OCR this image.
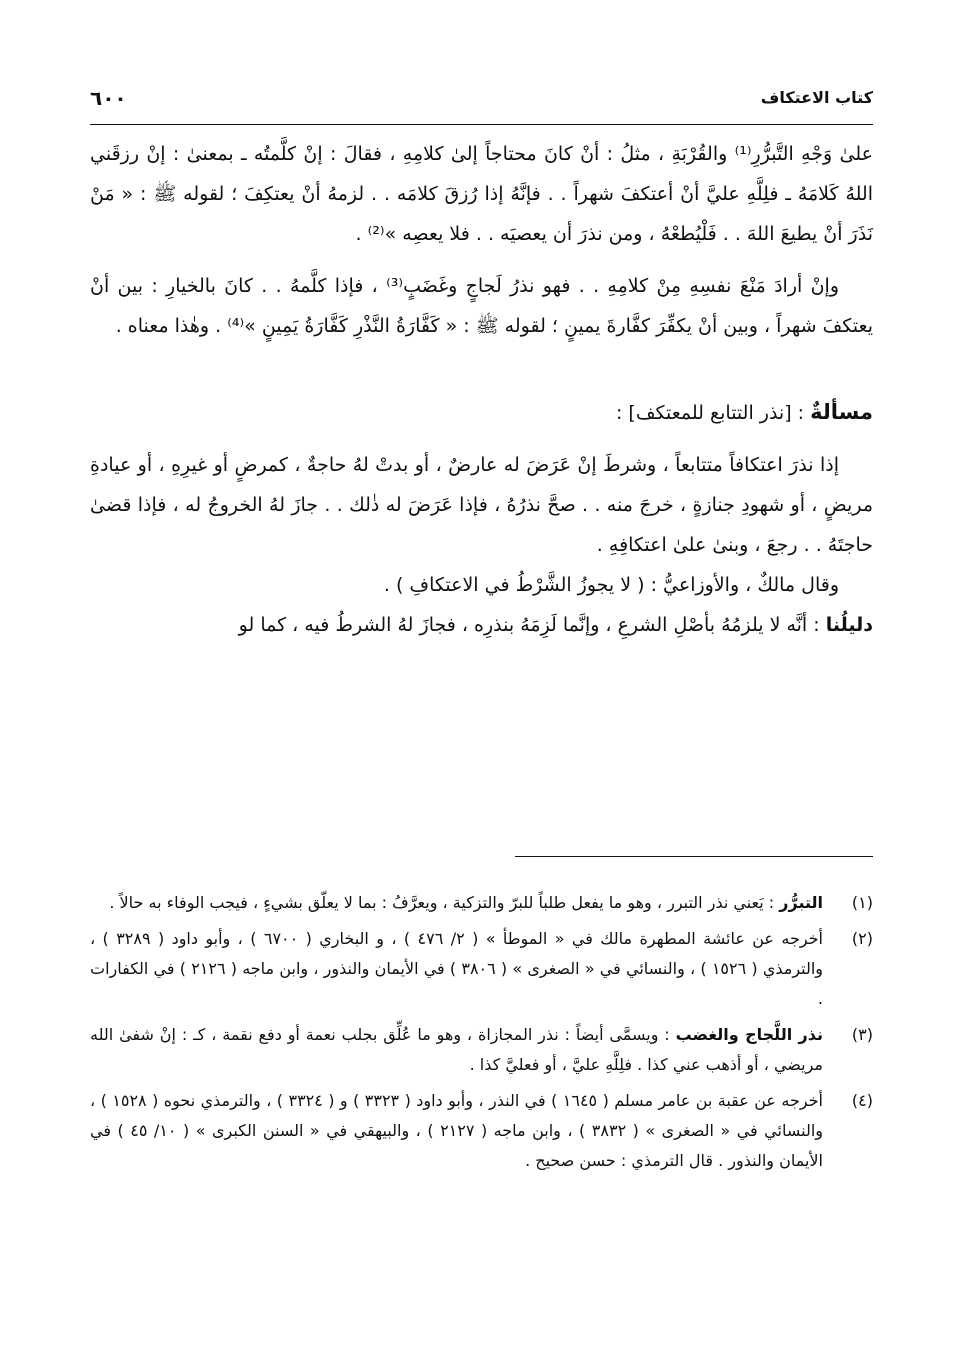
كتاب الاعتكاف
٦٠٠

علىٰ وَجْهِ التَّبرُّرِ⁽¹⁾ والقُرْبَةِ ، مثلُ : أنْ كانَ محتاجاً إلىٰ كلامِهِ ، فقالَ : إنْ كلَّمتُه ـ بمعنىٰ : إنْ رزقَني اللهُ كَلامَهُ ـ فلِلَّهِ عليَّ أنْ أعتكفَ شهراً . . فإنَّهُ إذا رُزقَ كلامَه . . لزمهُ أنْ يعتكِفَ ؛ لقوله ﷺ : « مَنْ نَذَرَ أنْ يطيعَ اللهَ . . فَلْيُطعْهُ ، ومن نذرَ أن يعصيَه . . فلا يعصِه »⁽²⁾ .

وإنْ أرادَ مَنْعَ نفسِهِ مِنْ كلامِهِ . . فهو نذرُ لَجاجٍ وغَضَبٍ⁽³⁾ ، فإذا كلَّمهُ . . كانَ بالخيارِ : بين أنْ يعتكفَ شهراً ، وبين أنْ يكفِّرَ كفَّارةَ يمينٍ ؛ لقوله ﷺ : « كَفَّارَةُ النَّذْرِ كَفَّارَةُ يَمِينٍ »⁽⁴⁾ . وهٰذا معناه .

مسألةٌ : [نذر التتابع للمعتكف] :

إذا نذرَ اعتكافاً متتابعاً ، وشرطَ إنْ عَرَضَ له عارضٌ ، أو بدتْ لهُ حاجةٌ ، كمرضٍ أو غيرِهِ ، أو عيادةِ مريضٍ ، أو شهودِ جنازةٍ ، خرجَ منه . . صحَّ نذرُهُ ، فإذا عَرَضَ له ذٰلك . . جازَ لهُ الخروجُ له ، فإذا قضىٰ حاجتَهُ . . رجعَ ، وبنىٰ علىٰ اعتكافِهِ .

وقال مالكٌ ، والأوزاعيُّ : ( لا يجوزُ الشَّرْطُ في الاعتكافِ ) .

دليلُنا : أنَّه لا يلزمُهُ بأصْلِ الشرعِ ، وإنَّما لَزِمَهُ بنذرِه ، فجازَ لهُ الشرطُ فيه ، كما لو

(١)
التبرُّر : يَعني نذر التبرر ، وهو ما يفعل طلباً للبرّ والتزكية ، ويعرَّفُ : بما لا يعلّق بشيءٍ ، فيجب الوفاء به حالاً .

(٢)
أخرجه عن عائشة المطهرة مالك في « الموطأ » ( ٢/ ٤٧٦ ) ، و البخاري ( ٦٧٠٠ ) ، وأبو داود ( ٣٢٨٩ ) ، والترمذي ( ١٥٢٦ ) ، والنسائي في « الصغرى » ( ٣٨٠٦ ) في الأيمان والنذور ، وابن ماجه ( ٢١٢٦ ) في الكفارات .

(٣)
نذر اللَّجاج والغضب : ويسمَّى أيضاً : نذر المجازاة ، وهو ما عُلِّق بجلب نعمة أو دفع نقمة ، كـ : إنْ شفىٰ الله مريضي ، أو أذهب عني كذا . فلِلَّهِ عليَّ ، أو فعليَّ كذا .

(٤)
أخرجه عن عقبة بن عامر مسلم ( ١٦٤٥ ) في النذر ، وأبو داود ( ٣٣٢٣ ) و ( ٣٣٢٤ ) ، والترمذي نحوه ( ١٥٢٨ ) ، والنسائي في « الصغرى » ( ٣٨٣٢ ) ، وابن ماجه ( ٢١٢٧ ) ، والبيهقي في « السنن الكبرى » ( ١٠/ ٤٥ ) في الأيمان والنذور . قال الترمذي : حسن صحيح .
